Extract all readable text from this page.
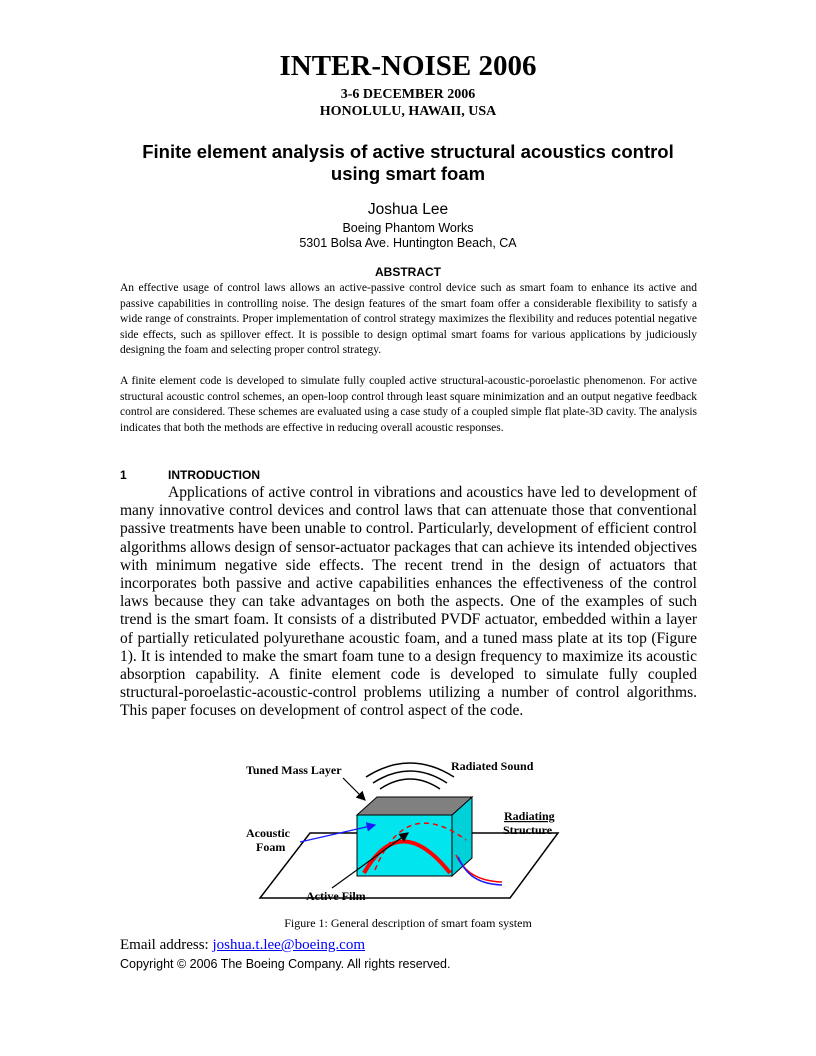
INTER-NOISE 2006
3-6 DECEMBER 2006
HONOLULU, HAWAII, USA
Finite element analysis of active structural acoustics control
using smart foam
Joshua Lee
Boeing Phantom Works
5301 Bolsa Ave. Huntington Beach, CA
ABSTRACT
An effective usage of control laws allows an active-passive control device such as smart foam to enhance its active and passive capabilities in controlling noise. The design features of the smart foam offer a considerable flexibility to satisfy a wide range of constraints. Proper implementation of control strategy maximizes the flexibility and reduces potential negative side effects, such as spillover effect. It is possible to design optimal smart foams for various applications by judiciously designing the foam and selecting proper control strategy.
A finite element code is developed to simulate fully coupled active structural-acoustic-poroelastic phenomenon. For active structural acoustic control schemes, an open-loop control through least square minimization and an output negative feedback control are considered. These schemes are evaluated using a case study of a coupled simple flat plate-3D cavity. The analysis indicates that both the methods are effective in reducing overall acoustic responses.
1	INTRODUCTION
Applications of active control in vibrations and acoustics have led to development of many innovative control devices and control laws that can attenuate those that conventional passive treatments have been unable to control. Particularly, development of efficient control algorithms allows design of sensor-actuator packages that can achieve its intended objectives with minimum negative side effects. The recent trend in the design of actuators that incorporates both passive and active capabilities enhances the effectiveness of the control laws because they can take advantages on both the aspects. One of the examples of such trend is the smart foam. It consists of a distributed PVDF actuator, embedded within a layer of partially reticulated polyurethane acoustic foam, and a tuned mass plate at its top (Figure 1). It is intended to make the smart foam tune to a design frequency to maximize its acoustic absorption capability. A finite element code is developed to simulate fully coupled structural-poroelastic-acoustic-control problems utilizing a number of control algorithms. This paper focuses on development of control aspect of the code.
Tuned Mass Layer	Radiated Sound
Radiating
Structure
Acoustic
Foam
Active Film
Figure 1: General description of smart foam system
Email address: joshua.t.lee@boeing.com
Copyright © 2006 The Boeing Company. All rights reserved.
